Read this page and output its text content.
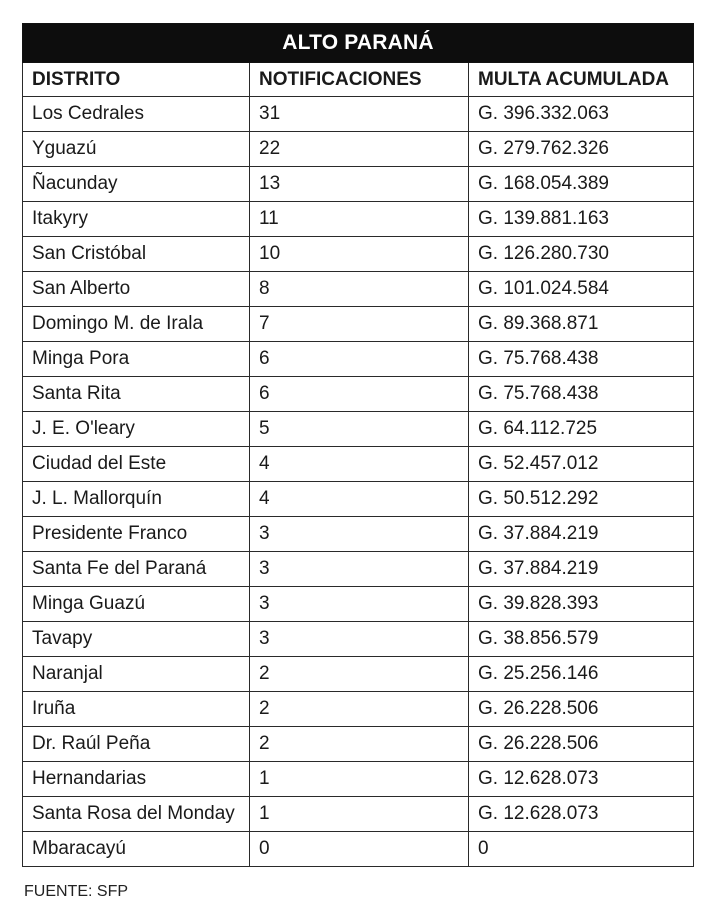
ALTO PARANÁ		
DISTRITO	NOTIFICACIONES	MULTA ACUMULADA
Los Cedrales	31	G. 396.332.063
Yguazú	22	G. 279.762.326
Ñacunday	13	G. 168.054.389
Itakyry	11	G. 139.881.163
San Cristóbal	10	G. 126.280.730
San Alberto	8	G. 101.024.584
Domingo M. de Irala	7	G. 89.368.871
Minga Pora	6	G. 75.768.438
Santa Rita	6	G. 75.768.438
J. E. O'leary	5	G. 64.112.725
Ciudad del Este	4	G. 52.457.012
J. L. Mallorquín	4	G. 50.512.292
Presidente Franco	3	G. 37.884.219
Santa Fe del Paraná	3	G. 37.884.219
Minga Guazú	3	G. 39.828.393
Tavapy	3	G. 38.856.579
Naranjal	2	G. 25.256.146
Iruña	2	G. 26.228.506
Dr. Raúl Peña	2	G. 26.228.506
Hernandarias	1	G. 12.628.073
Santa Rosa del Monday	1	G. 12.628.073
Mbaracayú	0	0
FUENTE: SFP
